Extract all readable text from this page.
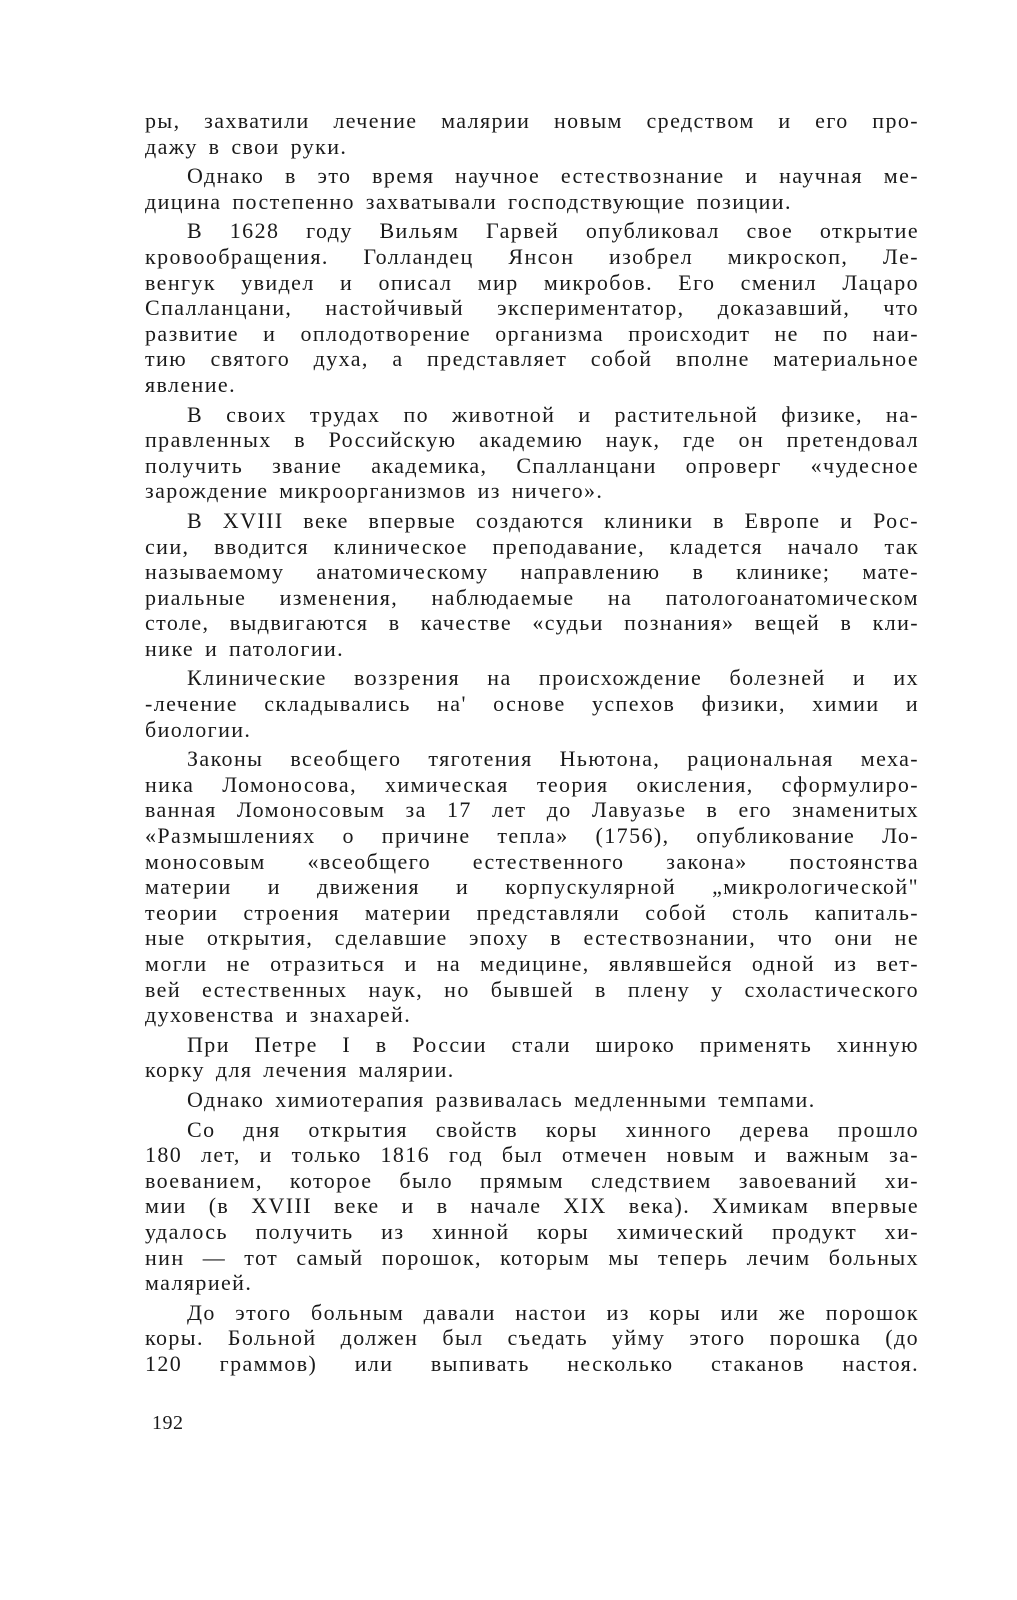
ры, захватили лечение малярии новым средством и его про-
дажу в свои руки.
Однако в это время научное естествознание и научная ме-
дицина постепенно захватывали господствующие позиции.
В 1628 году Вильям Гарвей опубликовал свое открытие
кровообращения. Голландец Янсон изобрел микроскоп, Ле-
венгук увидел и описал мир микробов. Его сменил Лацаро
Спалланцани, настойчивый экспериментатор, доказавший, что
развитие и оплодотворение организма происходит не по наи-
тию святого духа, а представляет собой вполне материальное
явление.
В своих трудах по животной и растительной физике, на-
правленных в Российскую академию наук, где он претендовал
получить звание академика, Спалланцани опроверг «чудесное
зарождение микроорганизмов из ничего».
В XVIII веке впервые создаются клиники в Европе и Рос-
сии, вводится клиническое преподавание, кладется начало так
называемому анатомическому направлению в клинике; мате-
риальные изменения, наблюдаемые на патологоанатомическом
столе, выдвигаются в качестве «судьи познания» вещей в кли-
нике и патологии.
Клинические воззрения на происхождение болезней и их
-лечение складывались на' основе успехов физики, химии и
биологии.
Законы всеобщего тяготения Ньютона, рациональная меха-
ника Ломоносова, химическая теория окисления, сформулиро-
ванная Ломоносовым за 17 лет до Лавуазье в его знаменитых
«Размышлениях о причине тепла» (1756), опубликование Ло-
моносовым «всеобщего естественного закона» постоянства
материи и движения и корпускулярной „микрологической"
теории строения материи представляли собой столь капиталь-
ные открытия, сделавшие эпоху в естествознании, что они не
могли не отразиться и на медицине, являвшейся одной из вет-
вей естественных наук, но бывшей в плену у схоластического
духовенства и знахарей.
При Петре I в России стали широко применять хинную
корку для лечения малярии.
Однако химиотерапия развивалась медленными темпами.
Со дня открытия свойств коры хинного дерева прошло
180 лет, и только 1816 год был отмечен новым и важным за-
воеванием, которое было прямым следствием завоеваний хи-
мии (в XVIII веке и в начале XIX века). Химикам впервые
удалось получить из хинной коры химический продукт хи-
нин — тот самый порошок, которым мы теперь лечим больных
малярией.
До этого больным давали настои из коры или же порошок
коры. Больной должен был съедать уйму этого порошка (до
120 граммов) или выпивать несколько стаканов настоя.
192
